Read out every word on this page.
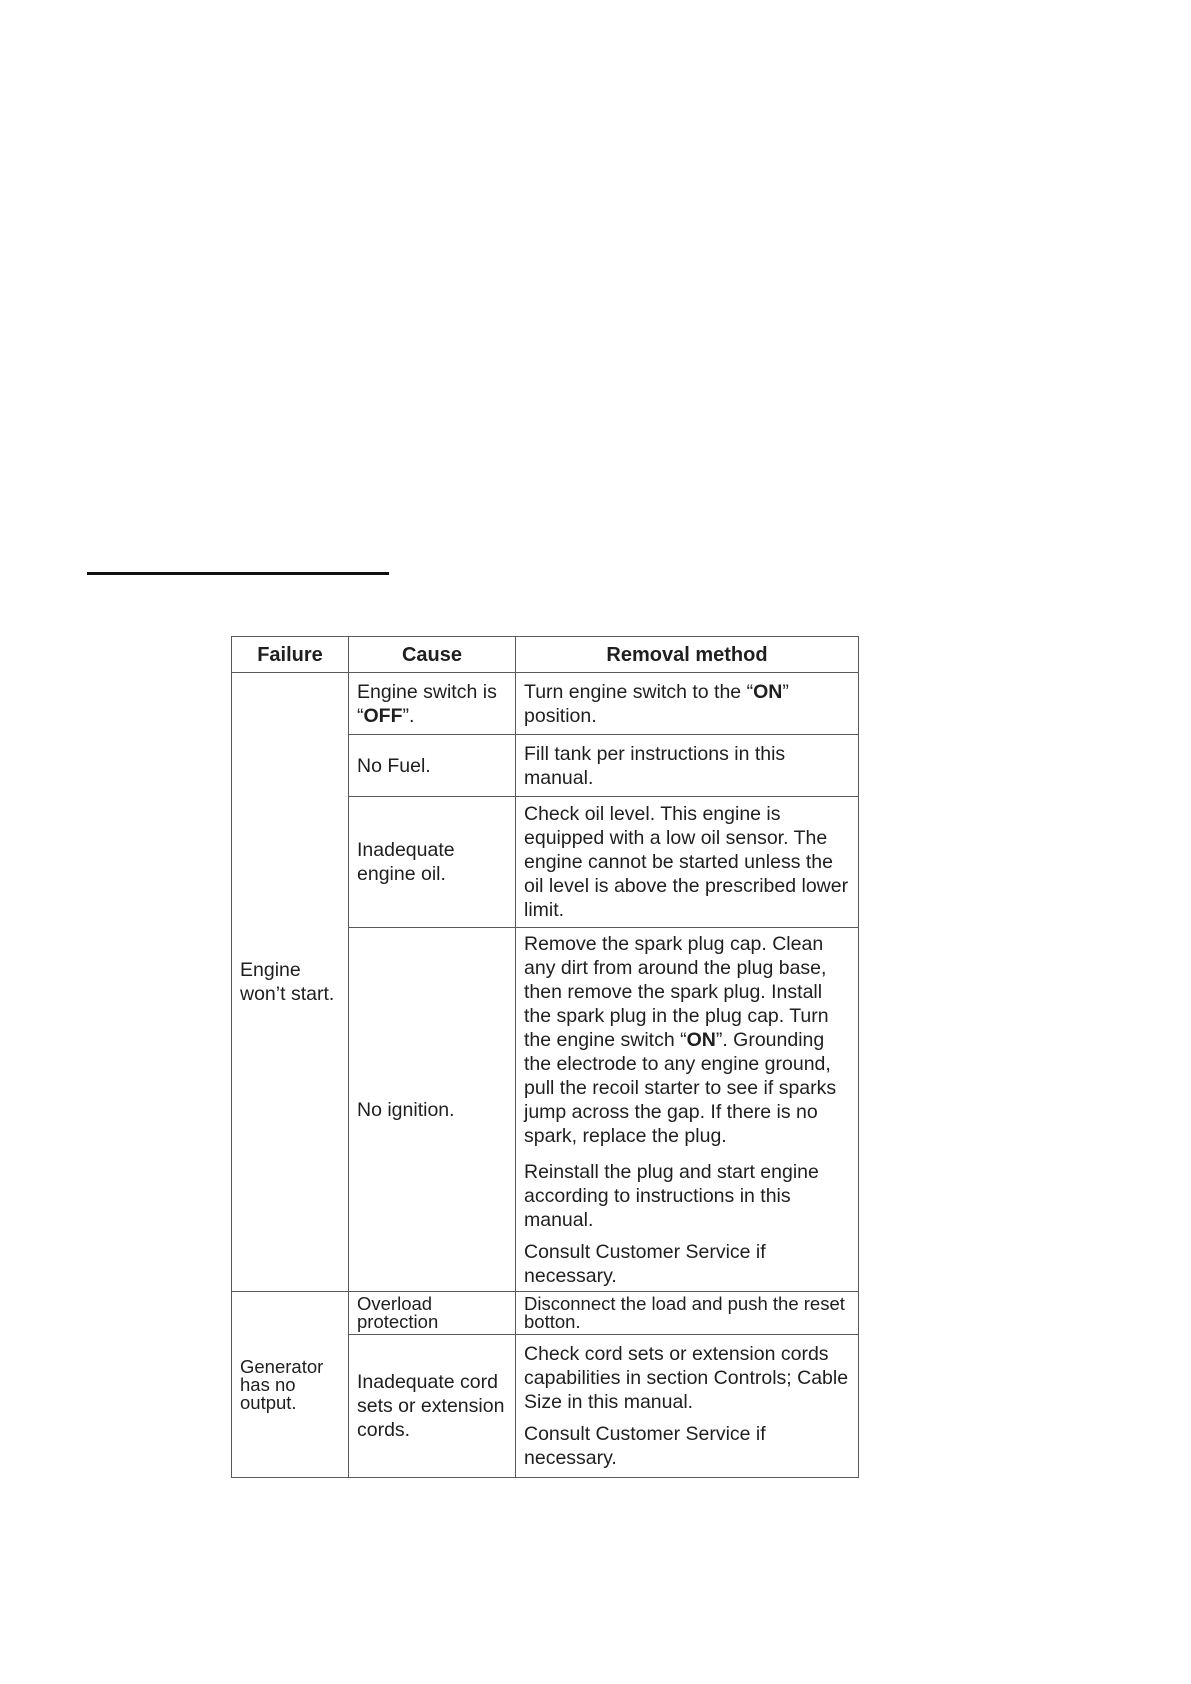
Failure	Cause	Removal method
Engine won’t start.	Engine switch is “OFF”.	Turn engine switch to the “ON” position.
	No Fuel.	Fill tank per instructions in this manual.
	Inadequate engine oil.	Check oil level. This engine is equipped with a low oil sensor. The engine cannot be started unless the oil level is above the prescribed lower limit.
	No ignition.	Remove the spark plug cap. Clean any dirt from around the plug base, then remove the spark plug. Install the spark plug in the plug cap. Turn the engine switch “ON”. Grounding the electrode to any engine ground, pull the recoil starter to see if sparks jump across the gap. If there is no spark, replace the plug.
Reinstall the plug and start engine according to instructions in this manual.
Consult Customer Service if necessary.

Generator has no output.	Overload protection	Disconnect the load and push the reset botton.
	Inadequate cord sets or extension cords.	Check cord sets or extension cords capabilities in section Controls; Cable Size in this manual.
Consult Customer Service if necessary.
